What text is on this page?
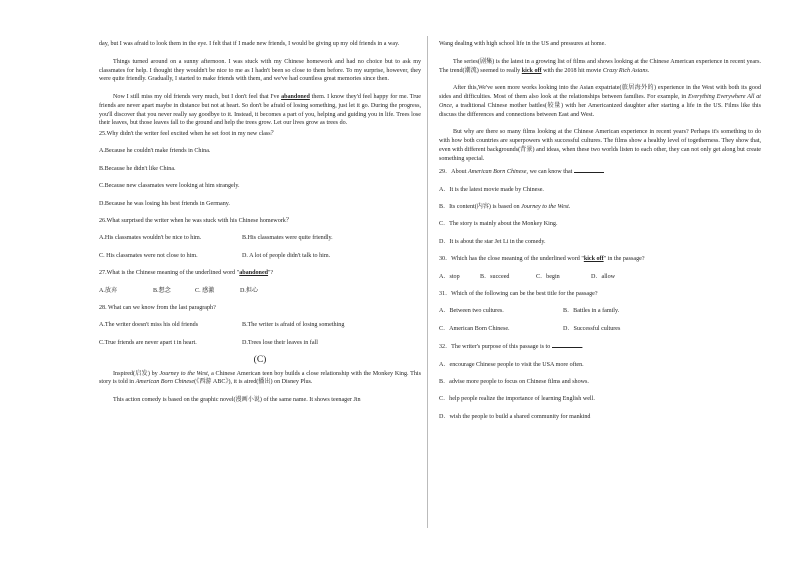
day, but I was afraid to look them in the eye. I felt that if I made new friends, I would be giving up my old friends in a way.

Things turned around on a sunny afternoon. I was stuck with my Chinese homework and had no choice but to ask my classmates for help. I thought they wouldn't be nice to me as I hadn't been so close to them before. To my surprise, however, they were quite friendly. Gradually, I started to make friends with them, and we've had countless great memories since then.

Now I still miss my old friends very much, but I don't feel that I've abandoned them. I know they'd feel happy for me. True friends are never apart maybe in distance but not at heart. So don't be afraid of losing something, just let it go. During the progress, you'll discover that you never really say goodbye to it. Instead, it becomes a part of you, helping and guiding you in life. Trees lose their leaves, but those leaves fall to the ground and help the trees grow. Let our lives grow as trees do.

25.Why didn't the writer feel excited when he set foot in my new class？

A.Because he couldn't make friends in China.

B.Because he didn't like China.

C.Because new classmates were looking at him strangely.

D.Because he was losing his best friends in Germany.

26.What surprised the writer when he was stuck with his Chinese homework？

A.His classmates wouldn't be nice to him.	B.His classmates were quite friendly.
C. His classmates were not close to him.	D. A lot of people didn't talk to him.

27.What is the Chinese meaning of the underlined word "abandoned"?

A.放弃	B.想念	C. 感激	D.担心

28. What can we know from the last paragraph?

A.The writer doesn't miss his old friends	B.The writer is afraid of losing something
C.True friends are never apart t in heart.	D.Trees lose their leaves in fall

(C)

Inspired(启发) by Journey to the West, a Chinese American teen boy builds a close relationship with the Monkey King. This story is told in American Born Chinese(《西游 ABC》), it is aired(播出) on Disney Plus.

This action comedy is based on the graphic novel(漫画小说) of the same name. It shows teenager Jin

Wang dealing with high school life in the US and pressures at home.

The series(剧集) is the latest in a growing list of films and shows looking at the Chinese American experience in recent years. The trend(潮流) seemed to really kick off with the 2018 hit movie Crazy Rich Asians.

After this,We've seen more works looking into the Asian expatriate(旅居海外的) experience in the West with both its good sides and difficulties. Most of them also look at the relationships between families. For example, in Everything Everywhere All at Once, a traditional Chinese mother battles(较量) with her Americanized daughter after starting a life in the US. Films like this discuss the differences and connections between East and West.

But why are there so many films looking at the Chinese American experience in recent years? Perhaps it's something to do with how both countries are superpowers with successful cultures. The films show a healthy level of togetherness. They show that, even with different backgrounds(背景) and ideas, when these two worlds listen to each other, they can not only get along but create something special.

29．About American Born Chinese, we can know that

A．It is the latest movie made by Chinese.

B．Its content(内容) is based on Journey to the West.

C．The story is mainly about the Monkey King.

D．It is about the star Jet Li in the comedy.

30．Which has the close meaning of the underlined word "kick off" in the passage?

A．stop	B．succeed	C．begin	D．allow

31．Which of the following can be the best title for the passage?

A．Between two cultures.	B．Battles in a family.
C．American Born Chinese.	D．Successful cultures

32．The writer's purpose of this passage is to	.

A．encourage Chinese people to visit the USA more often.

B．advise more people to focus on Chinese films and shows.

C．help people realize the importance of learning English well.

D．wish the people to build a shared community for mankind
